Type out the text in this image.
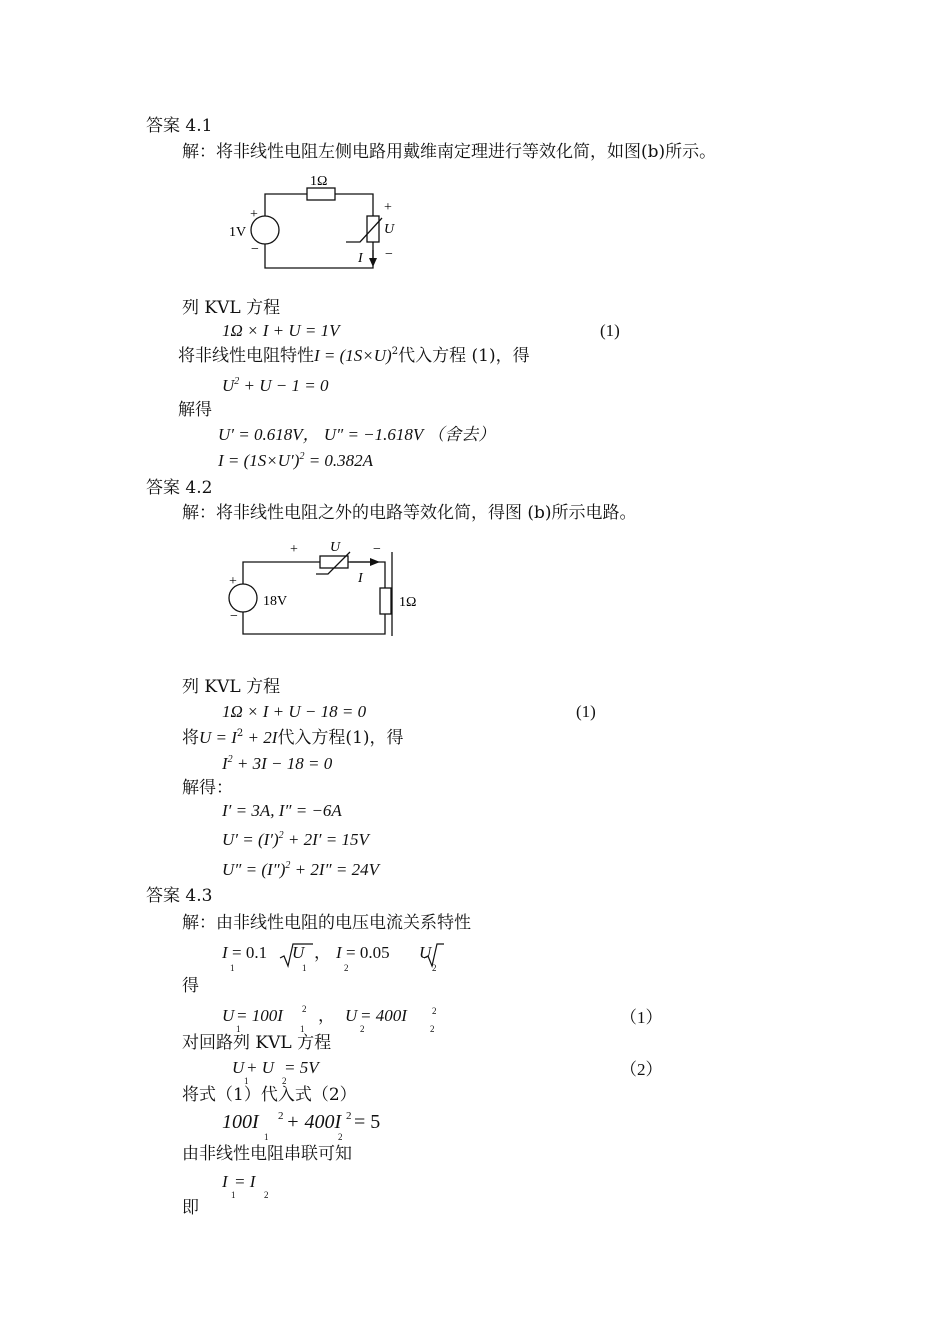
答案 4.1
解：将非线性电阻左侧电路用戴维南定理进行等效化简，如图(b)所示。
1Ω
1V
+
−
+
U
−
I
列 KVL 方程
1Ω × I + U = 1V	(1)
将非线性电阻特性$I = (1S\times U)^2$代入方程 (1)，得
$U^2 + U - 1 = 0$
解得
U′ = 0.618V， U″ = −1.618V （舍去）
$I = (1S\times U')^2 = 0.382A$
答案 4.2
解：将非线性电阻之外的电路等效化简，得图 (b)所示电路。
+ U −
I
+
−
18V	1Ω
列 KVL 方程
1Ω × I + U − 18 = 0	(1)
将$U = I^2 + 2I$代入方程(1)，得
$I^2 + 3I - 18 = 0$
解得：
I′ = 3A, I″ = −6A
$U' = (I')^2 + 2I' = 15V$
$U'' = (I'')^2 + 2I'' = 24V$
答案 4.3
解：由非线性电阻的电压电流关系特性
I
1
= 0.1 U
1
， I
2
= 0.05 U
2
得
U
1
= 100I 2
1
， U
2
= 400I	2
2
（1）
对回路列 KVL 方程
U
1
+ U
2
= 5V	（2）
将式（1）代入式（2）
100I 2
1
+ 400I 2
2
= 5
由非线性电阻串联可知
I
1
= I
2
即
